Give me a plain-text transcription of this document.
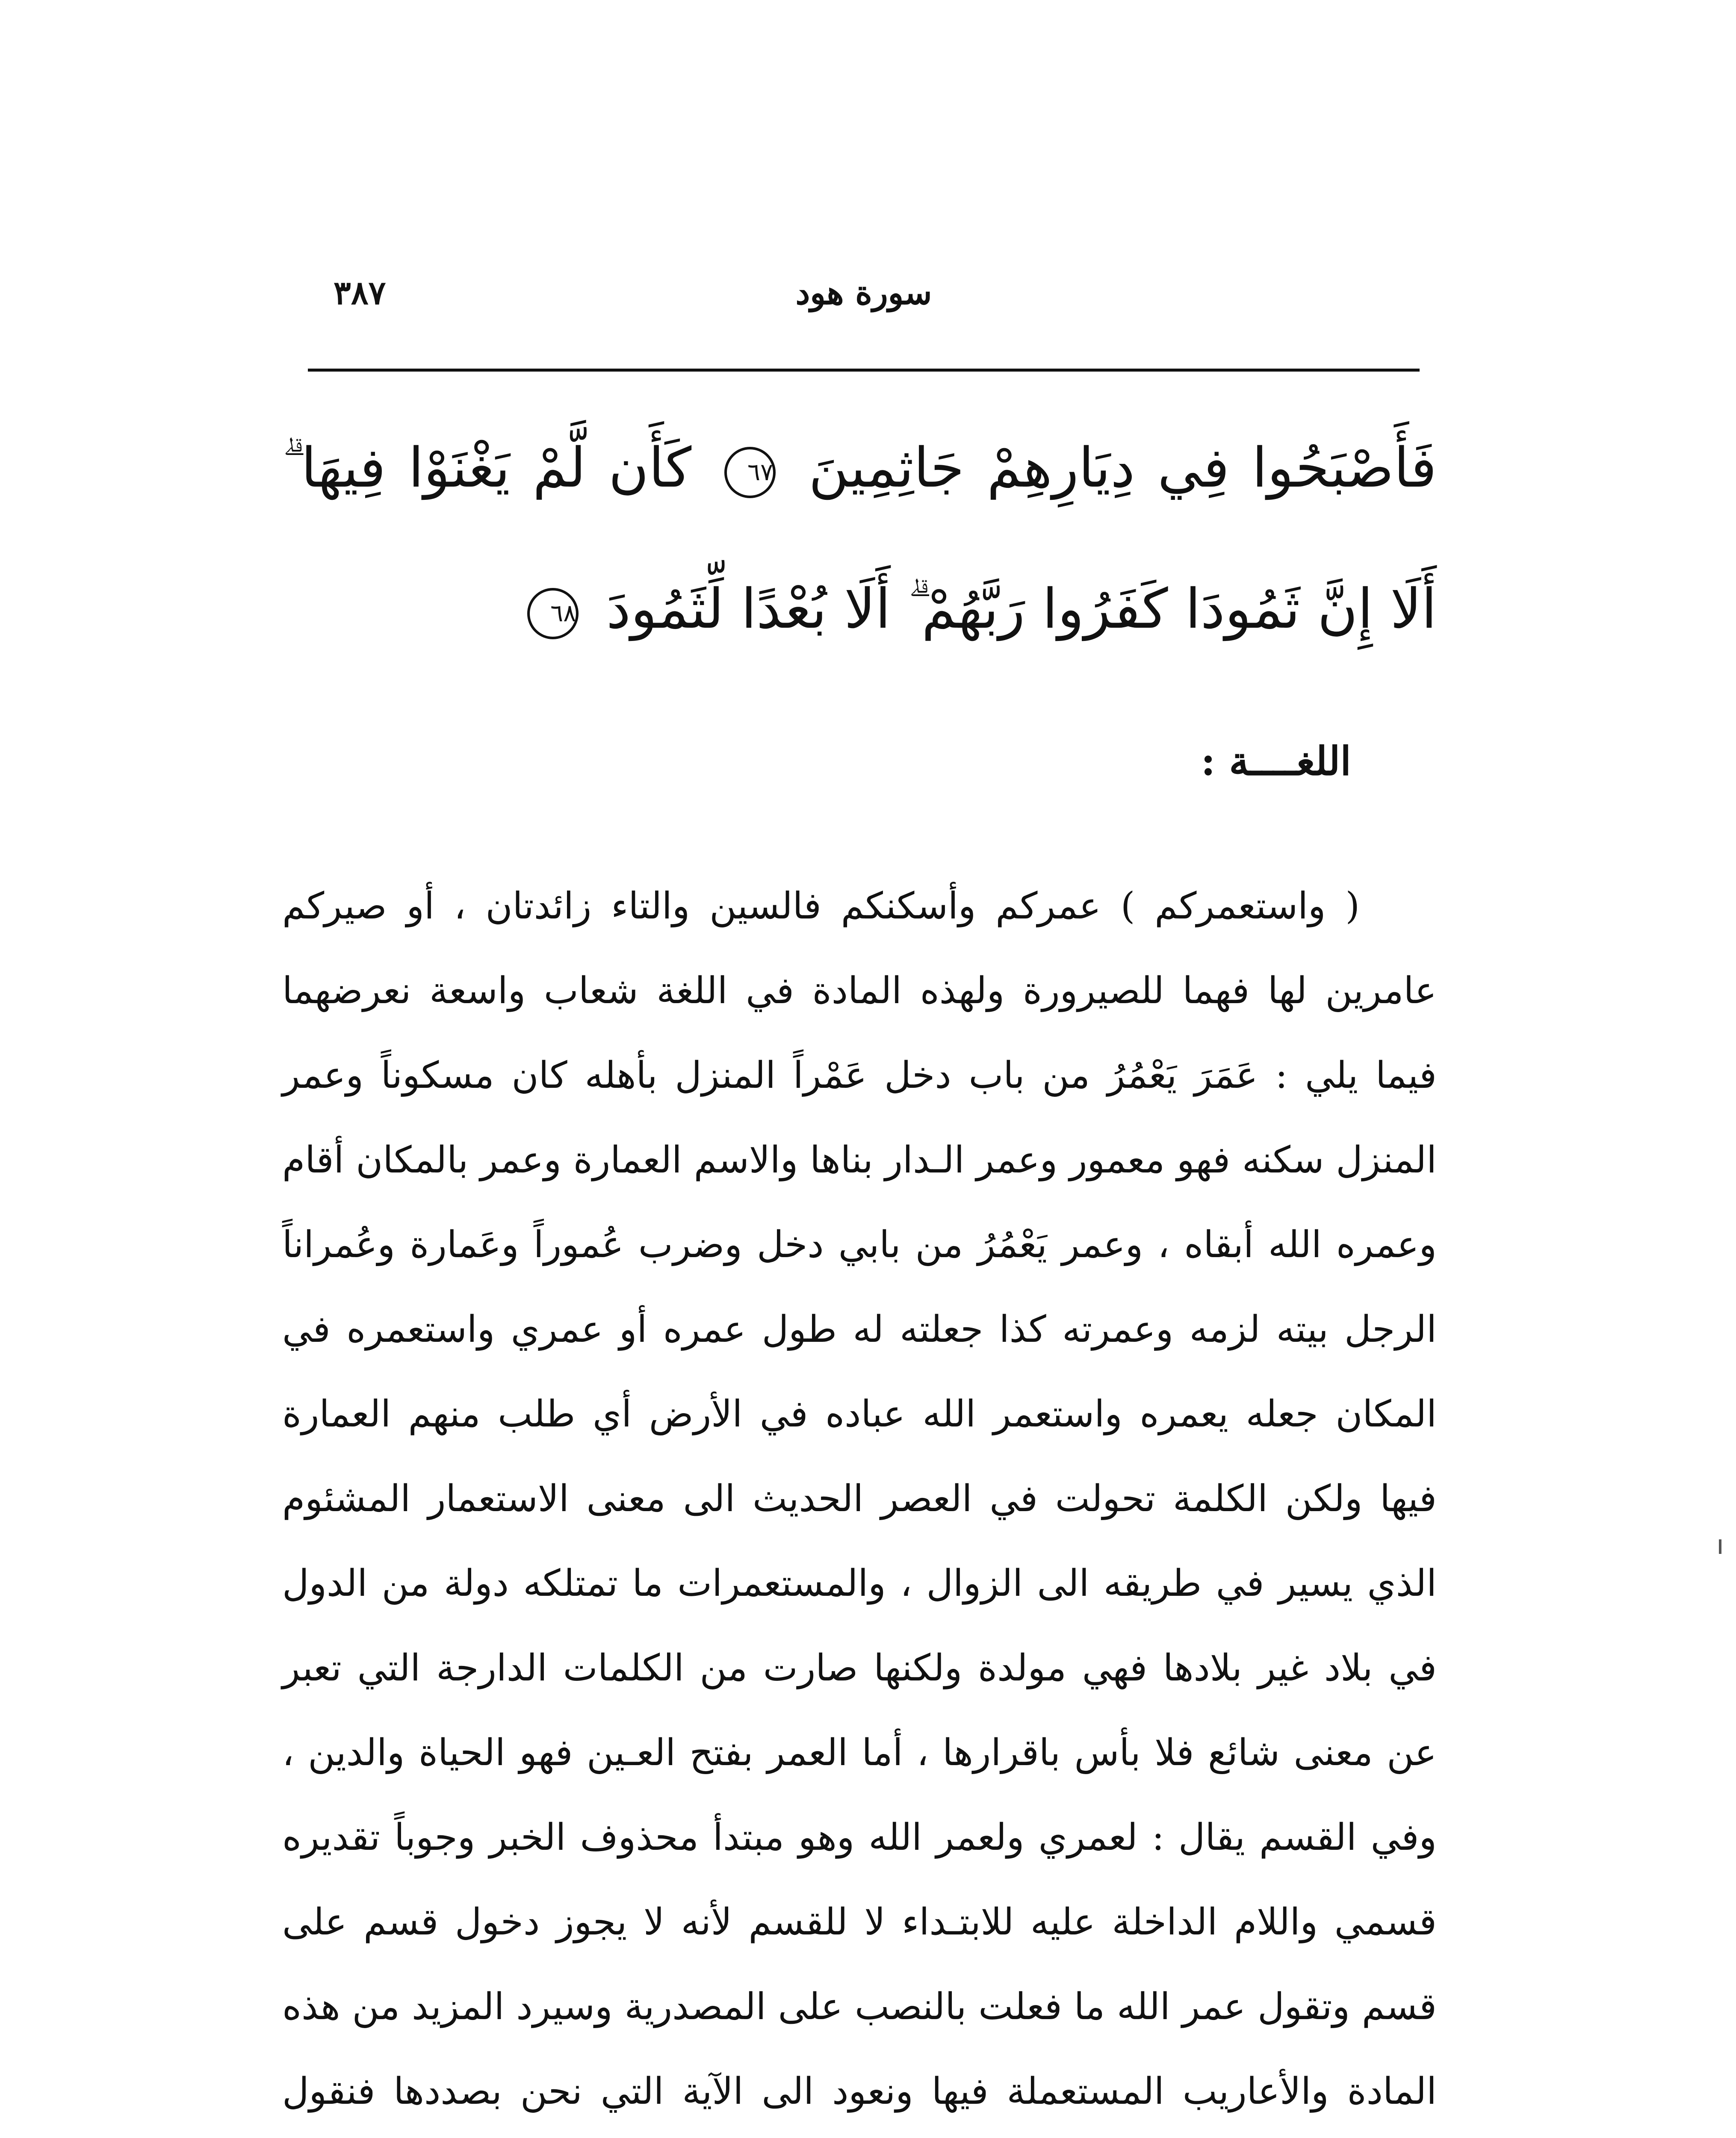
٣٨٧	سورة هود
فَأَصْبَحُوا فِي دِيَارِهِمْ جَاثِمِينَ ٦٧ كَأَن لَّمْ يَغْنَوْا فِيهَا ۗ أَلَا إِنَّ ثَمُودَا كَفَرُوا رَبَّهُمْ ۗ أَلَا بُعْدًا لِّثَمُودَ ٦٨
اللغــــة :
( واستعمركم ) عمركم وأسكنكم فالسين والتاء زائدتان ، أو صيركم عامرين لها فهما للصيرورة ولهذه المادة في اللغة شعاب واسعة نعرضهما فيما يلي : عَمَرَ يَعْمُرُ من باب دخل عَمْراً المنزل بأهله كان مسكوناً وعمر المنزل سكنه فهو معمور وعمر الـدار بناها والاسم العمارة وعمر بالمكان أقام وعمره الله أبقاه ، وعمر يَعْمُرُ من بابي دخل وضرب عُموراً وعَمارة وعُمراناً الرجل بيته لزمه وعمرته كذا جعلته له طول عمره أو عمري واستعمره في المكان جعله يعمره واستعمر الله عباده في الأرض أي طلب منهم العمارة فيها ولكن الكلمة تحولت في العصر الحديث الى معنى الاستعمار المشئوم الذي يسير في طريقه الى الزوال ، والمستعمرات ما تمتلكه دولة من الدول في بلاد غير بلادها فهي مولدة ولكنها صارت من الكلمات الدارجة التي تعبر عن معنى شائع فلا بأس باقرارها ، أما العمر بفتح العـين فهو الحياة والدين ، وفي القسم يقال : لعمري ولعمر الله وهو مبتدأ محذوف الخبر وجوباً تقديره قسمي واللام الداخلة عليه للابتـداء لا للقسم لأنه لا يجوز دخول قسم على قسم وتقول عمر الله ما فعلت بالنصب على المصدرية وسيرد المزيد من هذه المادة والأعاريب المستعملة فيها ونعود الى الآية التي نحن بصددها فنقول
